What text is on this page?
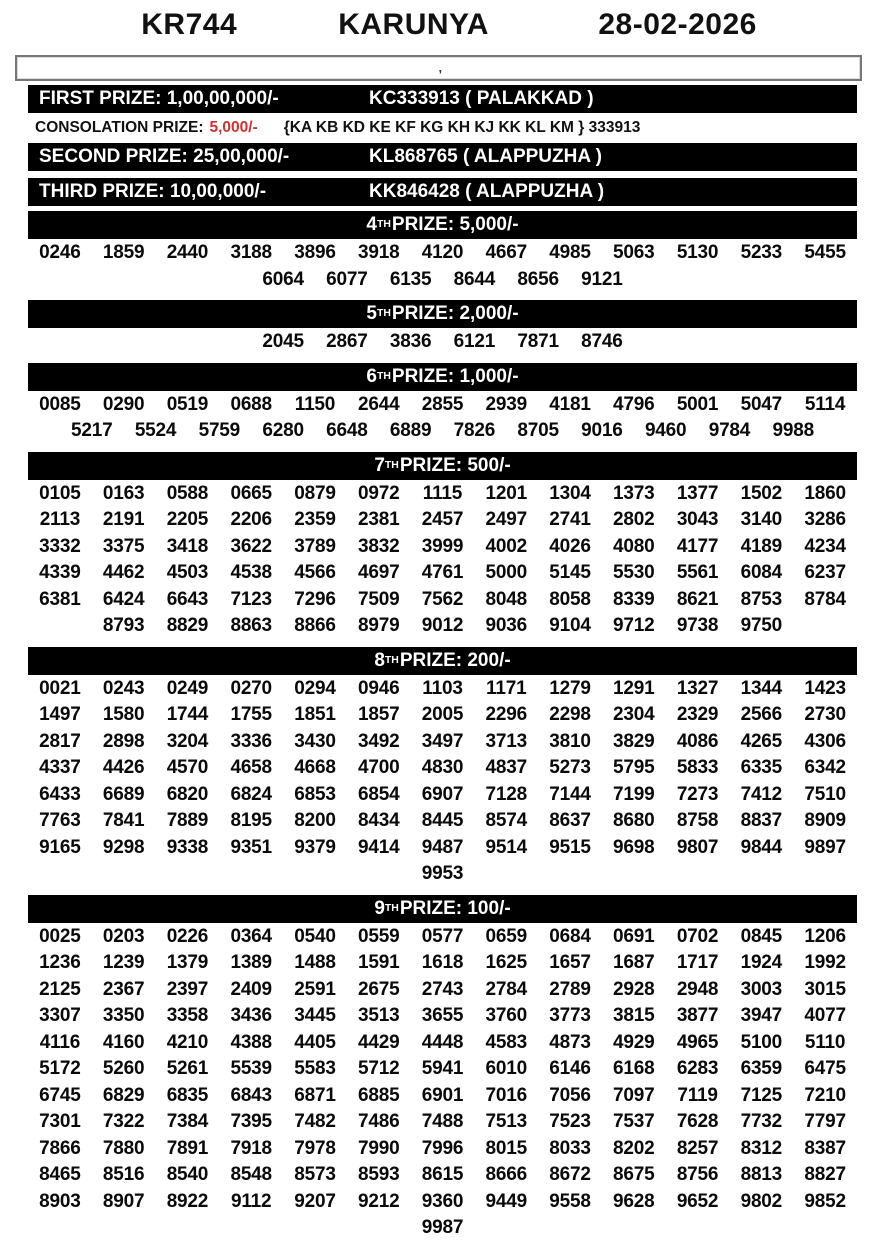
KR744	KARUNYA	28-02-2026
’
FIRST PRIZE: 1,00,00,000/-	KC333913 ( PALAKKAD )
CONSOLATION PRIZE: 5,000/- {KA KB KD KE KF KG KH KJ KK KL KM } 333913
SECOND PRIZE: 25,00,000/-	KL868765 ( ALAPPUZHA )
THIRD PRIZE: 10,00,000/-	KK846428 ( ALAPPUZHA )
4 TH PRIZE: 5,000/-
0246	1859	2440	3188	3896	3918	4120	4667	4985	5063	5130	5233	5455
6064	6077	6135	8644	8656	9121
5 TH PRIZE: 2,000/-
2045	2867	3836	6121	7871	8746
6 TH PRIZE: 1,000/-
0085	0290	0519	0688	1150	2644	2855	2939	4181	4796	5001	5047	5114
5217	5524	5759	6280	6648	6889	7826	8705	9016	9460	9784	9988
7 TH PRIZE: 500/-
0105	0163	0588	0665	0879	0972	1115	1201	1304	1373	1377	1502	1860
2113	2191	2205	2206	2359	2381	2457	2497	2741	2802	3043	3140	3286
3332	3375	3418	3622	3789	3832	3999	4002	4026	4080	4177	4189	4234
4339	4462	4503	4538	4566	4697	4761	5000	5145	5530	5561	6084	6237
6381	6424	6643	7123	7296	7509	7562	8048	8058	8339	8621	8753	8784
8793	8829	8863	8866	8979	9012	9036	9104	9712	9738	9750
8 TH PRIZE: 200/-
0021	0243	0249	0270	0294	0946	1103	1171	1279	1291	1327	1344	1423
1497	1580	1744	1755	1851	1857	2005	2296	2298	2304	2329	2566	2730
2817	2898	3204	3336	3430	3492	3497	3713	3810	3829	4086	4265	4306
4337	4426	4570	4658	4668	4700	4830	4837	5273	5795	5833	6335	6342
6433	6689	6820	6824	6853	6854	6907	7128	7144	7199	7273	7412	7510
7763	7841	7889	8195	8200	8434	8445	8574	8637	8680	8758	8837	8909
9165	9298	9338	9351	9379	9414	9487	9514	9515	9698	9807	9844	9897
9953
9 TH PRIZE: 100/-
0025	0203	0226	0364	0540	0559	0577	0659	0684	0691	0702	0845	1206
1236	1239	1379	1389	1488	1591	1618	1625	1657	1687	1717	1924	1992
2125	2367	2397	2409	2591	2675	2743	2784	2789	2928	2948	3003	3015
3307	3350	3358	3436	3445	3513	3655	3760	3773	3815	3877	3947	4077
4116	4160	4210	4388	4405	4429	4448	4583	4873	4929	4965	5100	5110
5172	5260	5261	5539	5583	5712	5941	6010	6146	6168	6283	6359	6475
6745	6829	6835	6843	6871	6885	6901	7016	7056	7097	7119	7125	7210
7301	7322	7384	7395	7482	7486	7488	7513	7523	7537	7628	7732	7797
7866	7880	7891	7918	7978	7990	7996	8015	8033	8202	8257	8312	8387
8465	8516	8540	8548	8573	8593	8615	8666	8672	8675	8756	8813	8827
8903	8907	8922	9112	9207	9212	9360	9449	9558	9628	9652	9802	9852
9987
